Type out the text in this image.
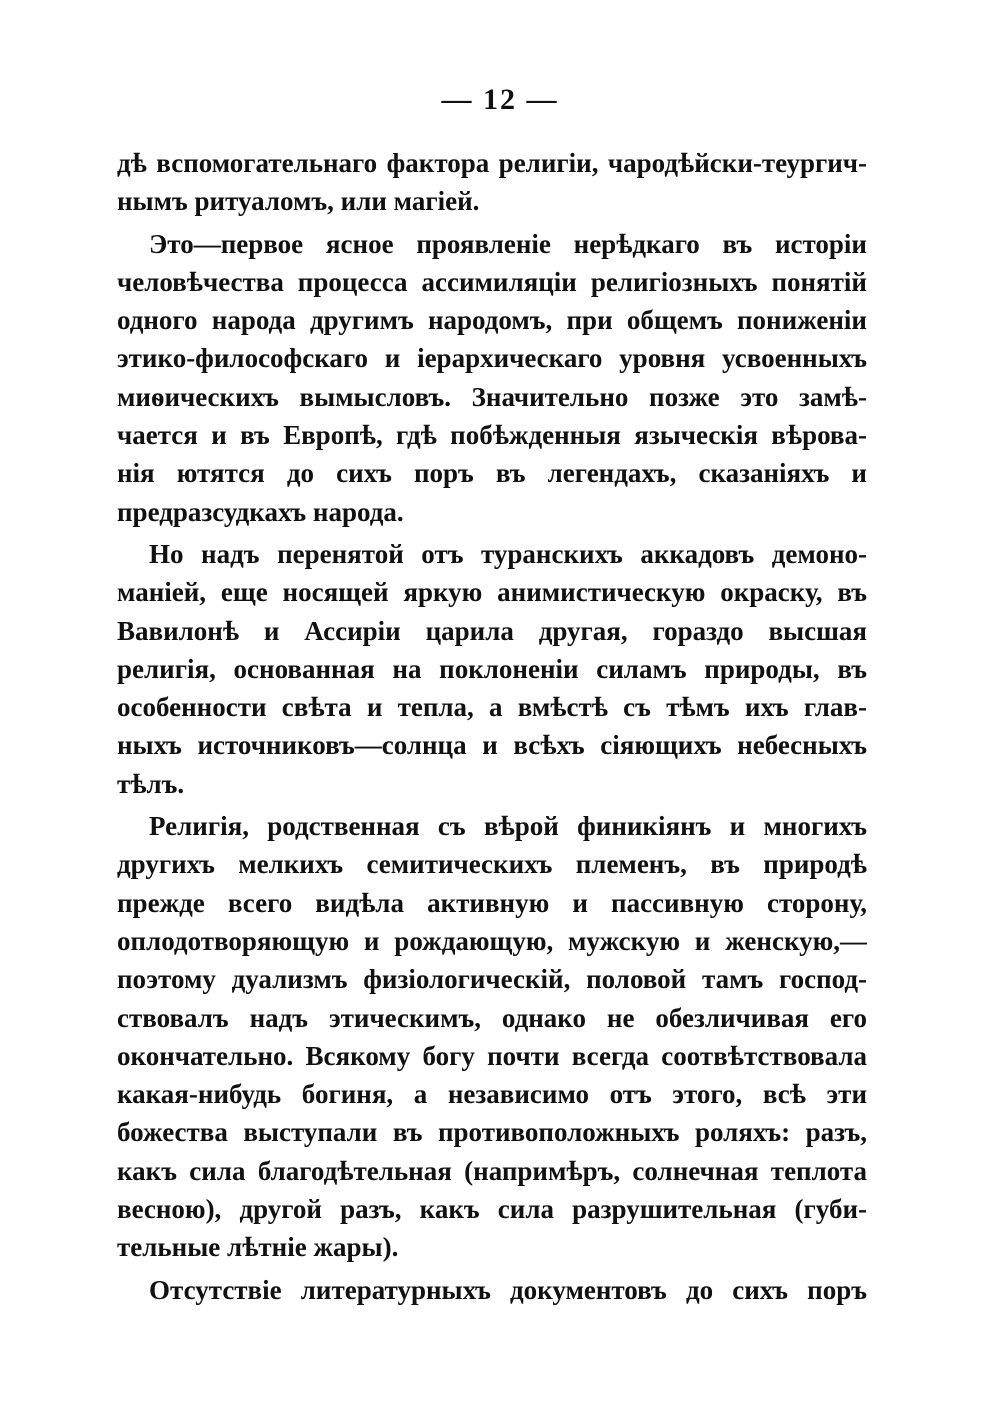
— 12 —
дѣ вспомогательнаго фактора религіи, чародѣйски-теургич-
нымъ ритуаломъ, или магіей.
Это—первое ясное проявленіе нерѣдкаго въ исторіи
человѣчества процесса ассимиляціи религіозныхъ понятій
одного народа другимъ народомъ, при общемъ пониженіи
этико-философскаго и іерархическаго уровня усвоенныхъ
миѳическихъ вымысловъ. Значительно позже это замѣ-
чается и въ Европѣ, гдѣ побѣжденныя языческія вѣрова-
нія ютятся до сихъ поръ въ легендахъ, сказаніяхъ и
предразсудкахъ народа.
Но надъ перенятой отъ туранскихъ аккадовъ демоно-
маніей, еще носящей яркую анимистическую окраску, въ
Вавилонѣ и Ассиріи царила другая, гораздо высшая
религія, основанная на поклоненіи силамъ природы, въ
особенности свѣта и тепла, а вмѣстѣ съ тѣмъ ихъ глав-
ныхъ источниковъ—солнца и всѣхъ сіяющихъ небесныхъ
тѣлъ.
Религія, родственная съ вѣрой финикіянъ и многихъ
другихъ мелкихъ семитическихъ племенъ, въ природѣ
прежде всего видѣла активную и пассивную сторону,
оплодотворяющую и рождающую, мужскую и женскую,—
поэтому дуализмъ физіологическій, половой тамъ господ-
ствовалъ надъ этическимъ, однако не обезличивая его
окончательно. Всякому богу почти всегда соотвѣтствовала
какая-нибудь богиня, а независимо отъ этого, всѣ эти
божества выступали въ противоположныхъ роляхъ: разъ,
какъ сила благодѣтельная (напримѣръ, солнечная теплота
весною), другой разъ, какъ сила разрушительная (губи-
тельные лѣтніе жары).
Отсутствіе литературныхъ документовъ до сихъ поръ
